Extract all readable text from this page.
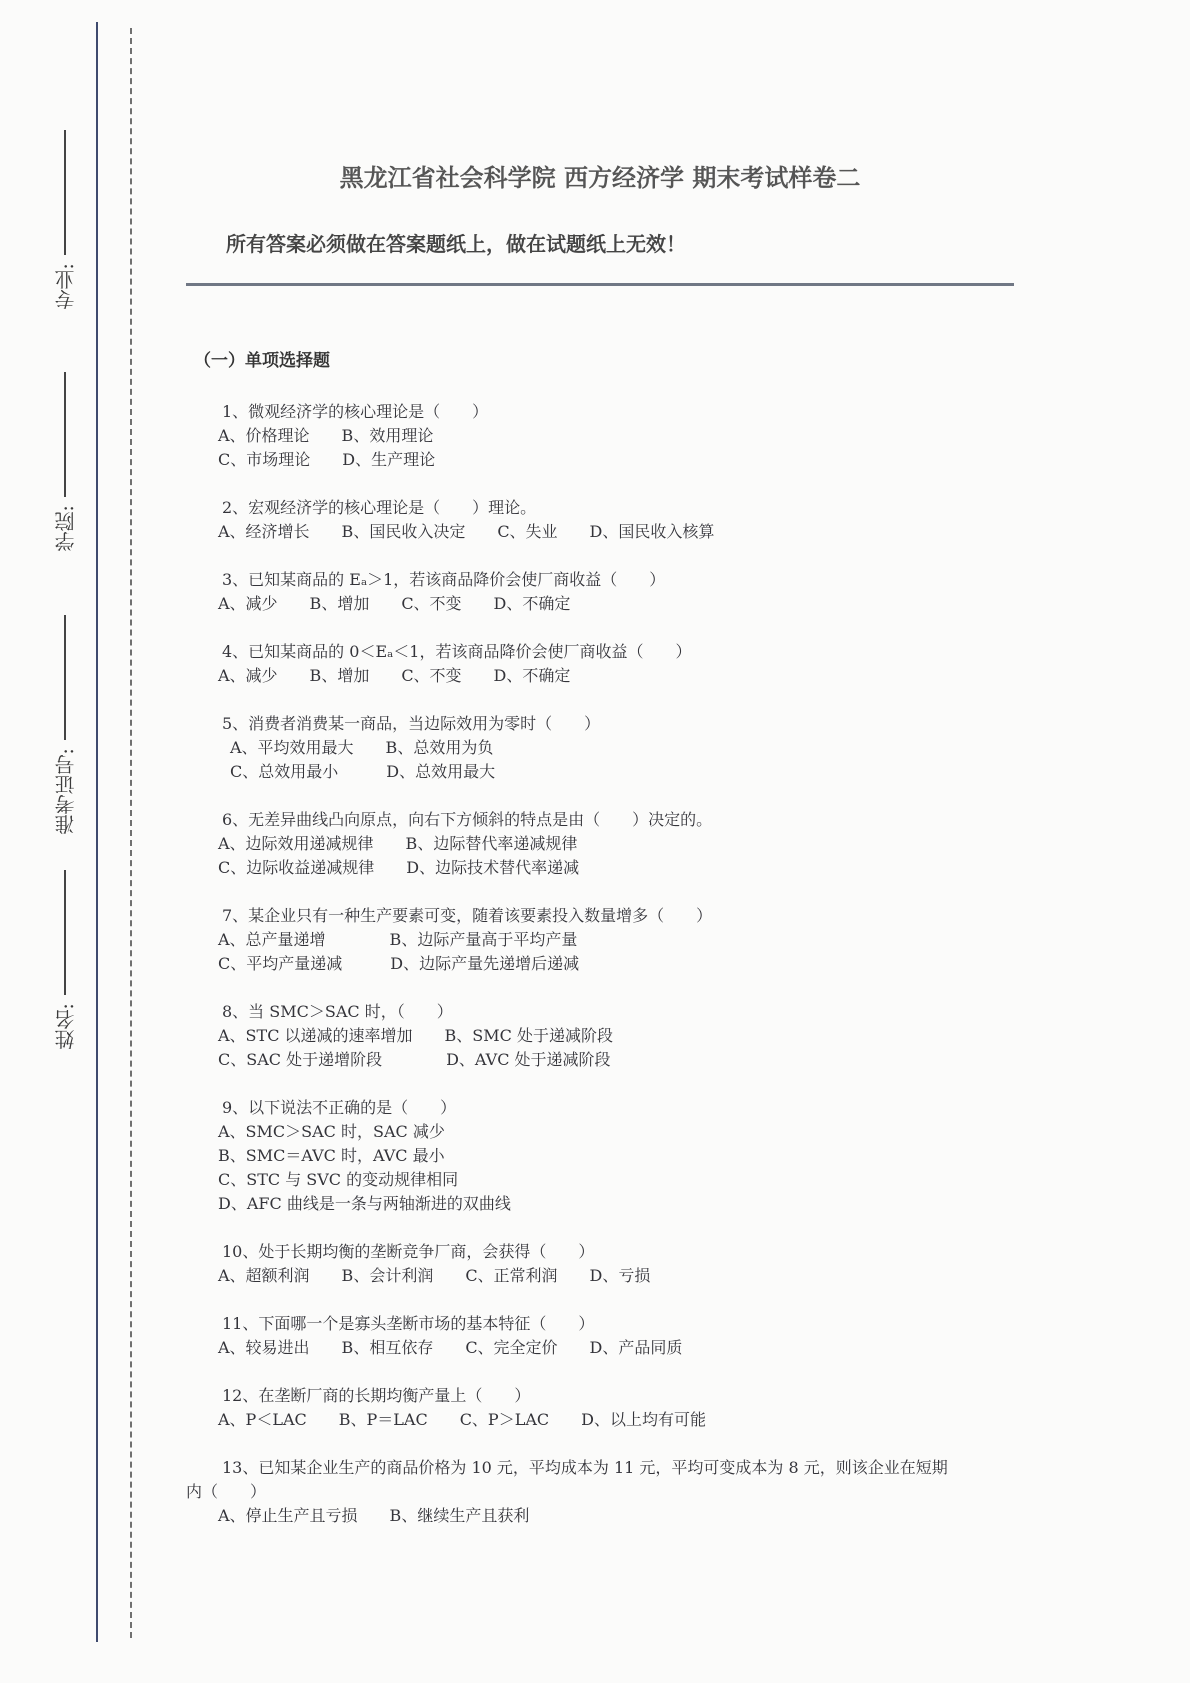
专业:
学院:
准考证号:
姓名:
黑龙江省社会科学院 西方经济学 期末考试样卷二
所有答案必须做在答案题纸上，做在试题纸上无效！
（一）单项选择题
1、微观经济学的核心理论是（　　）
A、价格理论　　B、效用理论
C、市场理论　　D、生产理论
2、宏观经济学的核心理论是（　　）理论。
A、经济增长　　B、国民收入决定　　C、失业　　D、国民收入核算
3、已知某商品的 Eₐ＞1，若该商品降价会使厂商收益（　　）
A、减少　　B、增加　　C、不变　　D、不确定
4、已知某商品的 0＜Eₐ＜1，若该商品降价会使厂商收益（　　）
A、减少　　B、增加　　C、不变　　D、不确定
5、消费者消费某一商品，当边际效用为零时（　　）
A、平均效用最大　　B、总效用为负
C、总效用最小　　　D、总效用最大
6、无差异曲线凸向原点，向右下方倾斜的特点是由（　　）决定的。
A、边际效用递减规律　　B、边际替代率递减规律
C、边际收益递减规律　　D、边际技术替代率递减
7、某企业只有一种生产要素可变，随着该要素投入数量增多（　　）
A、总产量递增　　　　B、边际产量高于平均产量
C、平均产量递减　　　D、边际产量先递增后递减
8、当 SMC＞SAC 时，（　　）
A、STC 以递减的速率增加　　B、SMC 处于递减阶段
C、SAC 处于递增阶段　　　　D、AVC 处于递减阶段
9、以下说法不正确的是（　　）
A、SMC＞SAC 时，SAC 减少
B、SMC＝AVC 时，AVC 最小
C、STC 与 SVC 的变动规律相同
D、AFC 曲线是一条与两轴渐进的双曲线
10、处于长期均衡的垄断竞争厂商，会获得（　　）
A、超额利润　　B、会计利润　　C、正常利润　　D、亏损
11、下面哪一个是寡头垄断市场的基本特征（　　）
A、较易进出　　B、相互依存　　C、完全定价　　D、产品同质
12、在垄断厂商的长期均衡产量上（　　）
A、P＜LAC　　B、P＝LAC　　C、P＞LAC　　D、以上均有可能
13、已知某企业生产的商品价格为 10 元，平均成本为 11 元，平均可变成本为 8 元，则该企业在短期
内（　　）
A、停止生产且亏损　　B、继续生产且获利
